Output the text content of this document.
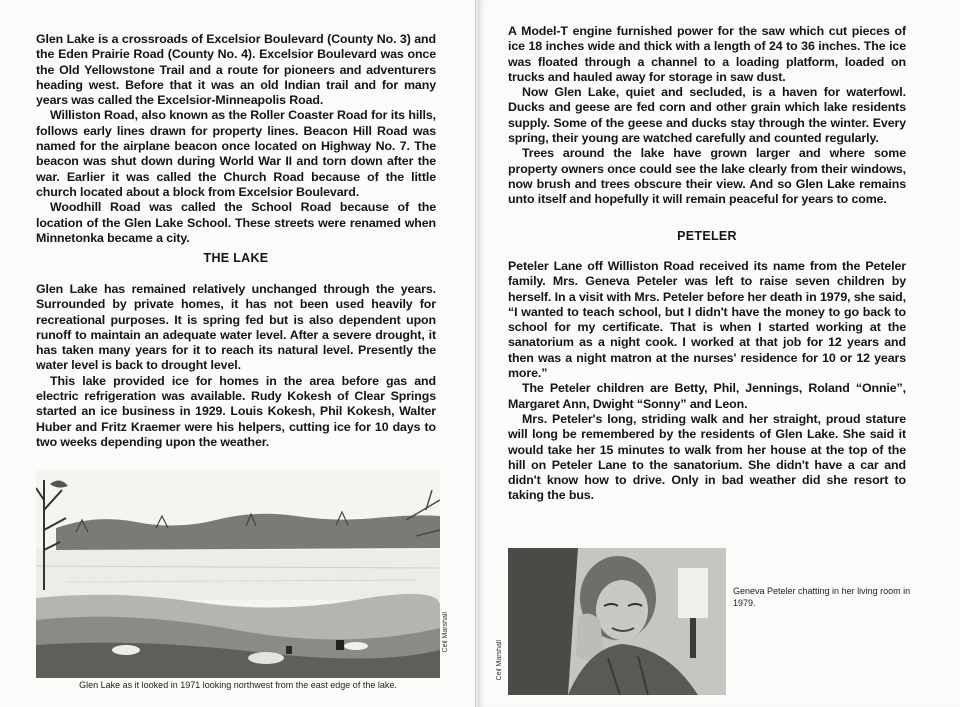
Glen Lake is a crossroads of Excelsior Boulevard (County No. 3) and the Eden Prairie Road (County No. 4). Excelsior Boulevard was once the Old Yellowstone Trail and a route for pioneers and adventurers heading west. Before that it was an old Indian trail and for many years was called the Excelsior-Minneapolis Road.

Williston Road, also known as the Roller Coaster Road for its hills, follows early lines drawn for property lines. Beacon Hill Road was named for the airplane beacon once located on Highway No. 7. The beacon was shut down during World War II and torn down after the war. Earlier it was called the Church Road because of the little church located about a block from Excelsior Boulevard.

Woodhill Road was called the School Road because of the location of the Glen Lake School. These streets were renamed when Minnetonka became a city.

THE LAKE

Glen Lake has remained relatively unchanged through the years. Surrounded by private homes, it has not been used heavily for recreational purposes. It is spring fed but is also dependent upon runoff to maintain an adequate water level. After a severe drought, it has taken many years for it to reach its natural level. Presently the water level is back to drought level.

This lake provided ice for homes in the area before gas and electric refrigeration was available. Rudy Kokesh of Clear Springs started an ice business in 1929. Louis Kokesh, Phil Kokesh, Walter Huber and Fritz Kraemer were his helpers, cutting ice for 10 days to two weeks depending upon the weather.

Ceil Marshall
Glen Lake as it looked in 1971 looking northwest from the east edge of the lake.

A Model-T engine furnished power for the saw which cut pieces of ice 18 inches wide and thick with a length of 24 to 36 inches. The ice was floated through a channel to a loading platform, loaded on trucks and hauled away for storage in saw dust.

Now Glen Lake, quiet and secluded, is a haven for waterfowl. Ducks and geese are fed corn and other grain which lake residents supply. Some of the geese and ducks stay through the winter. Every spring, their young are watched carefully and counted regularly.

Trees around the lake have grown larger and where some property owners once could see the lake clearly from their windows, now brush and trees obscure their view. And so Glen Lake remains unto itself and hopefully it will remain peaceful for years to come.

PETELER

Peteler Lane off Williston Road received its name from the Peteler family. Mrs. Geneva Peteler was left to raise seven children by herself. In a visit with Mrs. Peteler before her death in 1979, she said, “I wanted to teach school, but I didn't have the money to go back to school for my certificate. That is when I started working at the sanatorium as a night cook. I worked at that job for 12 years and then was a night matron at the nurses' residence for 10 or 12 years more.”

The Peteler children are Betty, Phil, Jennings, Roland “Onnie”, Margaret Ann, Dwight “Sonny” and Leon.

Mrs. Peteler's long, striding walk and her straight, proud stature will long be remembered by the residents of Glen Lake. She said it would take her 15 minutes to walk from her house at the top of the hill on Peteler Lane to the sanatorium. She didn't have a car and didn't know how to drive. Only in bad weather did she resort to taking the bus.

Ceil Marshall
Geneva Peteler chatting in her living room in 1979.
